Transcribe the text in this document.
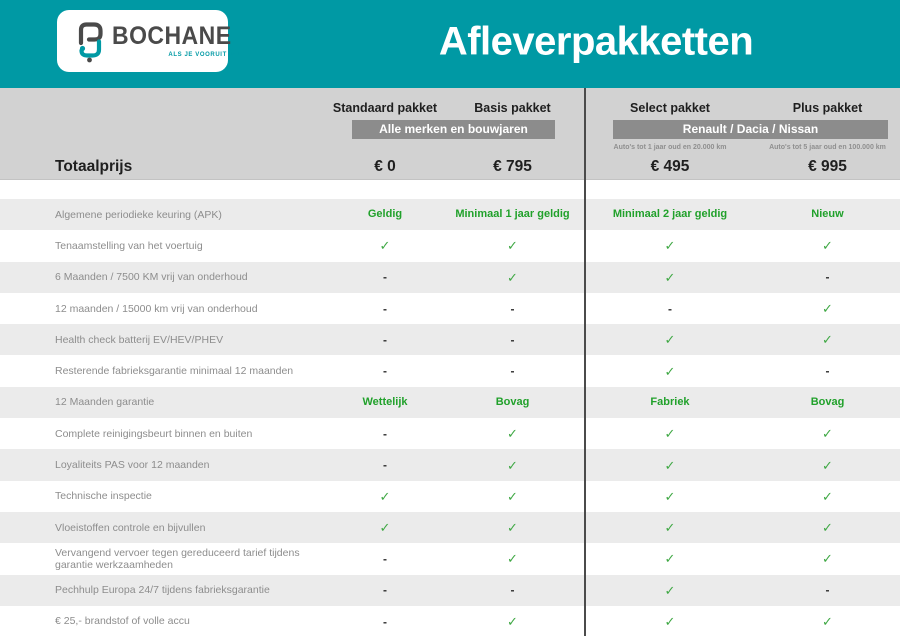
BOCHANE
ALS JE VOORUIT WIL	Afleverpakketten
Standaard pakket	Basis pakket	Select pakket	Plus pakket
Alle merken en bouwjaren	Renault / Dacia / Nissan
Auto's tot 1 jaar oud en 20.000 km	Auto's tot 5 jaar oud en 100.000 km
Totaalprijs	€ 0	€ 795	€ 495	€ 995
Algemene periodieke keuring (APK)	Geldig	Minimaal 1 jaar geldig	Minimaal 2 jaar geldig	Nieuw
Tenaamstelling van het voertuig	✓	✓	✓	✓
6 Maanden / 7500 KM vrij van onderhoud	-	✓	✓	-
12 maanden / 15000 km vrij van onderhoud	-	-	-	✓
Health check batterij EV/HEV/PHEV	-	-	✓	✓
Resterende fabrieksgarantie minimaal 12 maanden	-	-	✓	-
12 Maanden garantie	Wettelijk	Bovag	Fabriek	Bovag
Complete reinigingsbeurt binnen en buiten	-	✓	✓	✓
Loyaliteits PAS voor 12 maanden	-	✓	✓	✓
Technische inspectie	✓	✓	✓	✓
Vloeistoffen controle en bijvullen	✓	✓	✓	✓
Vervangend vervoer tegen gereduceerd tarief tijdens garantie werkzaamheden	-	✓	✓	✓
Pechhulp Europa 24/7 tijdens fabrieksgarantie	-	-	✓	-
€ 25,- brandstof of volle accu	-	✓	✓	✓
